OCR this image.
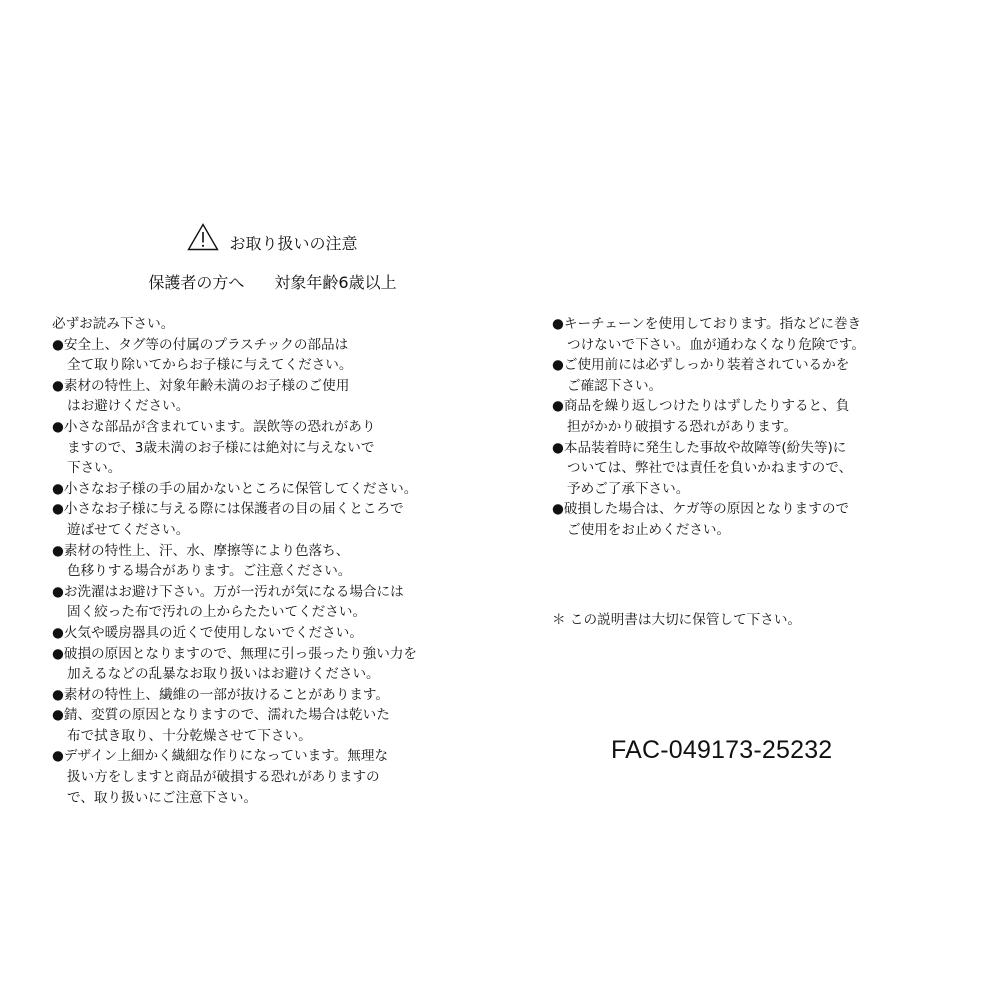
お取り扱いの注意
保護者の方へ 対象年齢6歳以上
必ずお読み下さい。
●安全上、タグ等の付属のプラスチックの部品は
全て取り除いてからお子様に与えてください。
●素材の特性上、対象年齢未満のお子様のご使用
はお避けください。
●小さな部品が含まれています。誤飲等の恐れがあり
ますので、3歳未満のお子様には絶対に与えないで
下さい。
●小さなお子様の手の届かないところに保管してください。
●小さなお子様に与える際には保護者の目の届くところで
遊ばせてください。
●素材の特性上、汗、水、摩擦等により色落ち、
色移りする場合があります。ご注意ください。
●お洗濯はお避け下さい。万が一汚れが気になる場合には
固く絞った布で汚れの上からたたいてください。
●火気や暖房器具の近くで使用しないでください。
●破損の原因となりますので、無理に引っ張ったり強い力を
加えるなどの乱暴なお取り扱いはお避けください。
●素材の特性上、繊維の一部が抜けることがあります。
●錆、変質の原因となりますので、濡れた場合は乾いた
布で拭き取り、十分乾燥させて下さい。
●デザイン上細かく繊細な作りになっています。無理な
扱い方をしますと商品が破損する恐れがありますの
で、取り扱いにご注意下さい。
●キーチェーンを使用しております。指などに巻き
つけないで下さい。血が通わなくなり危険です。
●ご使用前には必ずしっかり装着されているかを
ご確認下さい。
●商品を繰り返しつけたりはずしたりすると、負
担がかかり破損する恐れがあります。
●本品装着時に発生した事故や故障等(紛失等)に
ついては、弊社では責任を負いかねますので、
予めご了承下さい。
●破損した場合は、ケガ等の原因となりますので
ご使用をお止めください。
＊ この説明書は大切に保管して下さい。
FAC-049173-25232
